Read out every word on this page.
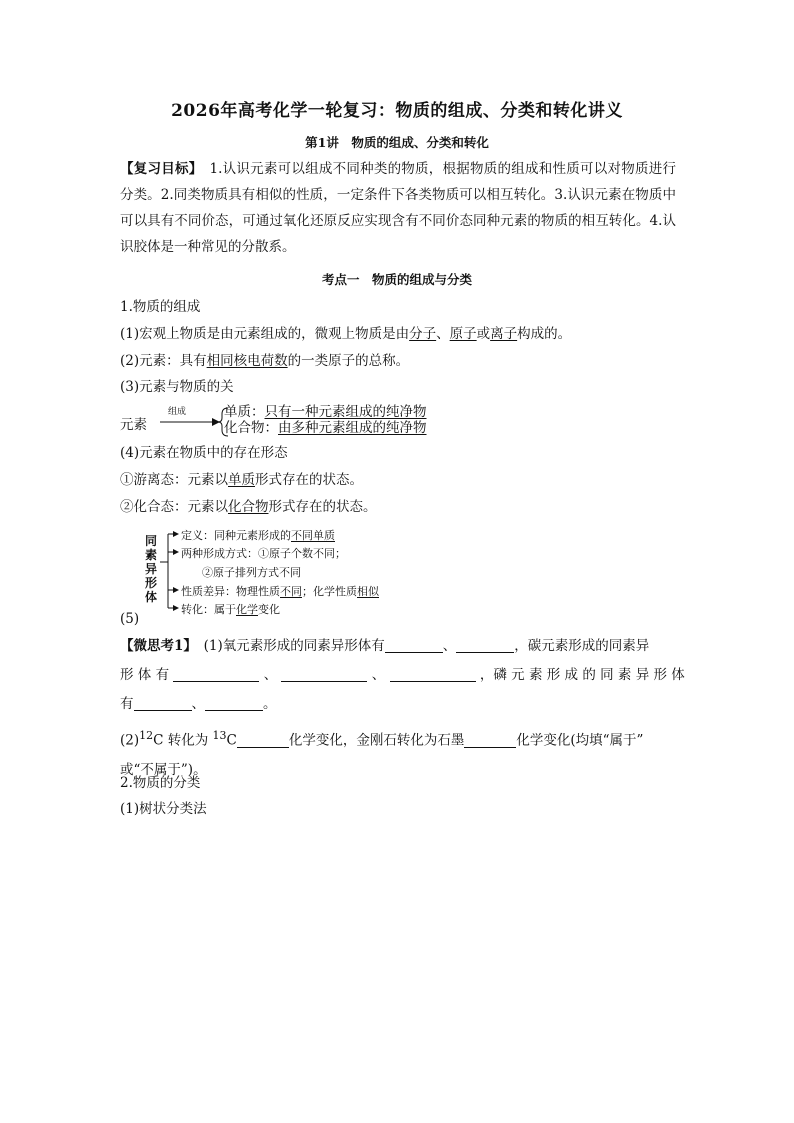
2026年高考化学一轮复习：物质的组成、分类和转化讲义
第1讲　物质的组成、分类和转化
【复习目标】　1.认识元素可以组成不同种类的物质，根据物质的组成和性质可以对物质进行分类。2.同类物质具有相似的性质，一定条件下各类物质可以相互转化。3.认识元素在物质中可以具有不同价态，可通过氧化还原反应实现含有不同价态同种元素的物质的相互转化。4.认识胶体是一种常见的分散系。
考点一　物质的组成与分类
1.物质的组成
(1)宏观上物质是由元素组成的，微观上物质是由分子、原子或离子构成的。
(2)元素：具有相同核电荷数的一类原子的总称。
(3)元素与物质的关
元素
组成	单质：只有一种元素组成的纯净物
化合物：由多种元素组成的纯净物
(4)元素在物质中的存在形态
①游离态：元素以单质形式存在的状态。
②化合态：元素以化合物形式存在的状态。
同
素
异
形
体
定义：同种元素形成的不同单质
两种形成方式：①原子个数不同；
②原子排列方式不同
性质差异：物理性质不同；化学性质相似
转化：属于化学变化
(5)
【微思考1】　(1)氧元素形成的同素异形体有	、	，碳元素形成的同素异
形 体 有	、	、	，磷 元 素 形 成 的 同 素 异 形 体
有	、	。
$(2)^{12}C$ 转化为 $^{13}$C	化学变化，金刚石转化为石墨	化学变化(均填“属于”
或“不属于”)。
2.物质的分类
(1)树状分类法
